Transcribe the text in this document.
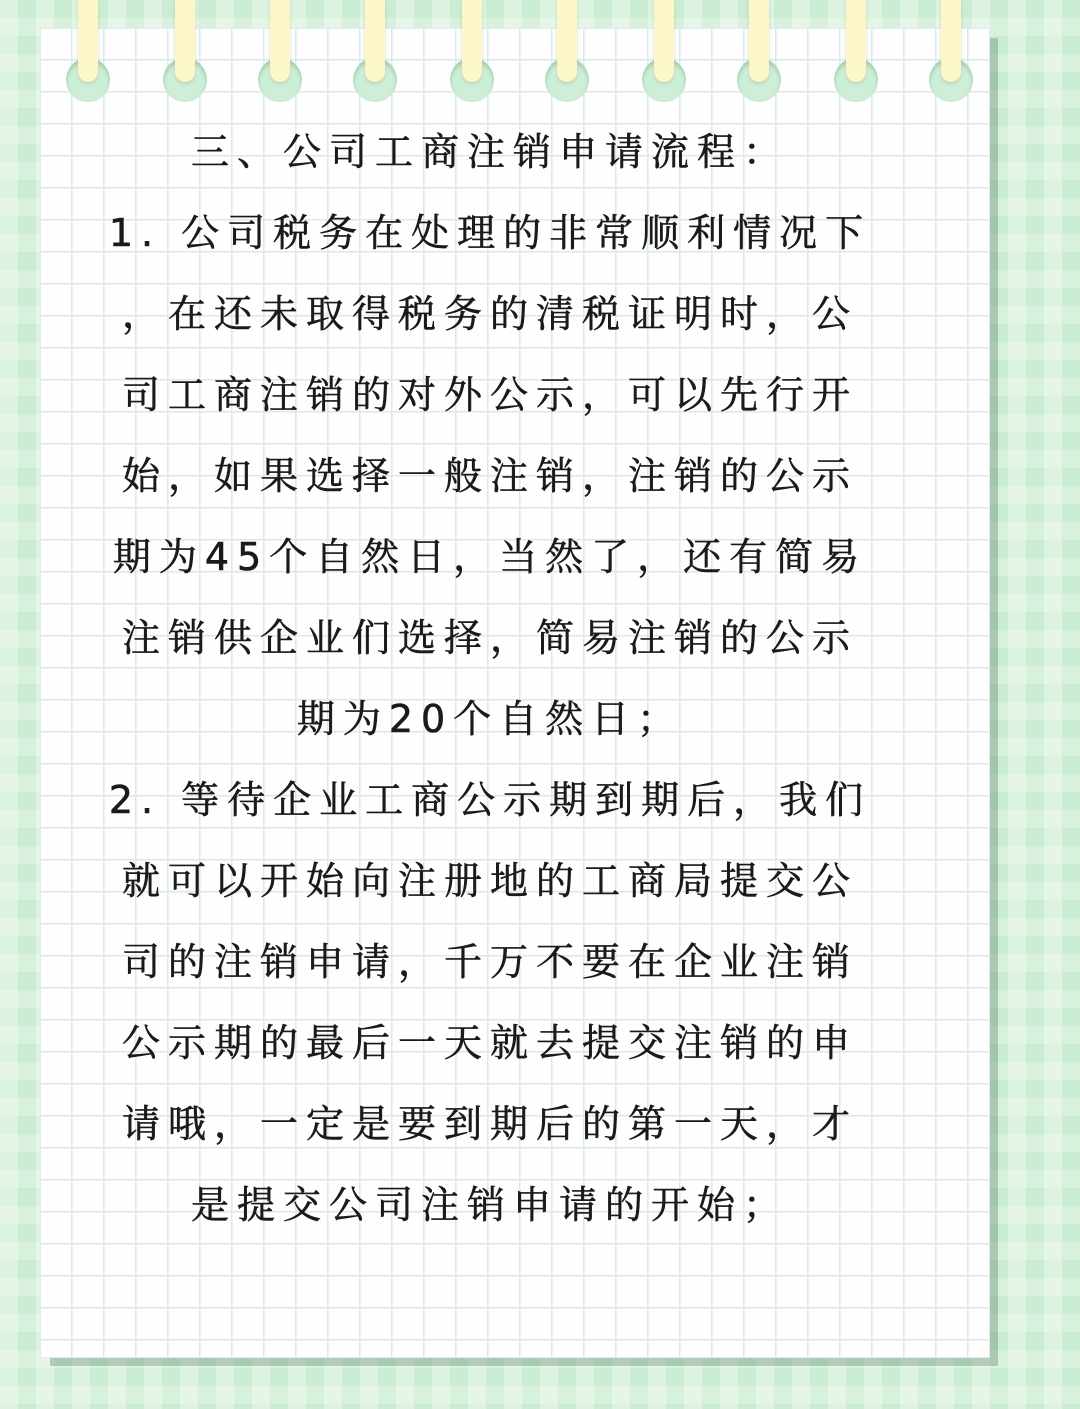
三、公司工商注销申请流程：
1. 公司税务在处理的非常顺利情况下
，在还未取得税务的清税证明时，公
司工商注销的对外公示，可以先行开
始，如果选择一般注销，注销的公示
期为45个自然日，当然了，还有简易
注销供企业们选择，简易注销的公示
期为20个自然日；
2. 等待企业工商公示期到期后，我们
就可以开始向注册地的工商局提交公
司的注销申请，千万不要在企业注销
公示期的最后一天就去提交注销的申
请哦，一定是要到期后的第一天，才
是提交公司注销申请的开始；
